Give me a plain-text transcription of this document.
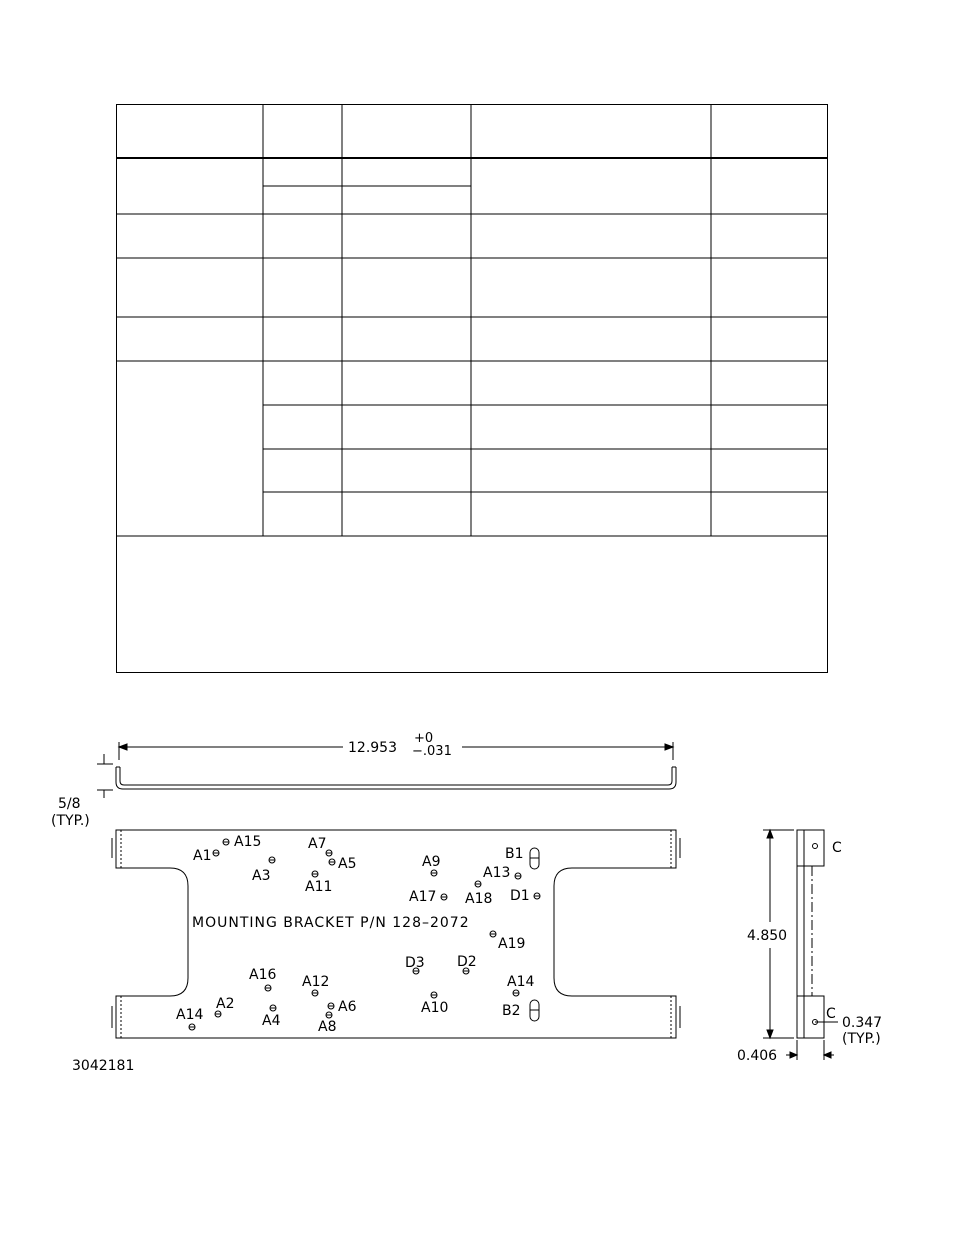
12.953
+0
−.031
5/8
(TYP.)
MOUNTING BRACKET P/N 128–2072
A1
A15
A3
A7
A5
A11
A9	B1
A13
A17 A18 D1
A19
D3 D2
A16 A12	A14
A2
A14	A4
A6
A8
A10	B2
3042181
4.850
C
C
0.347
(TYP.)
0.406
